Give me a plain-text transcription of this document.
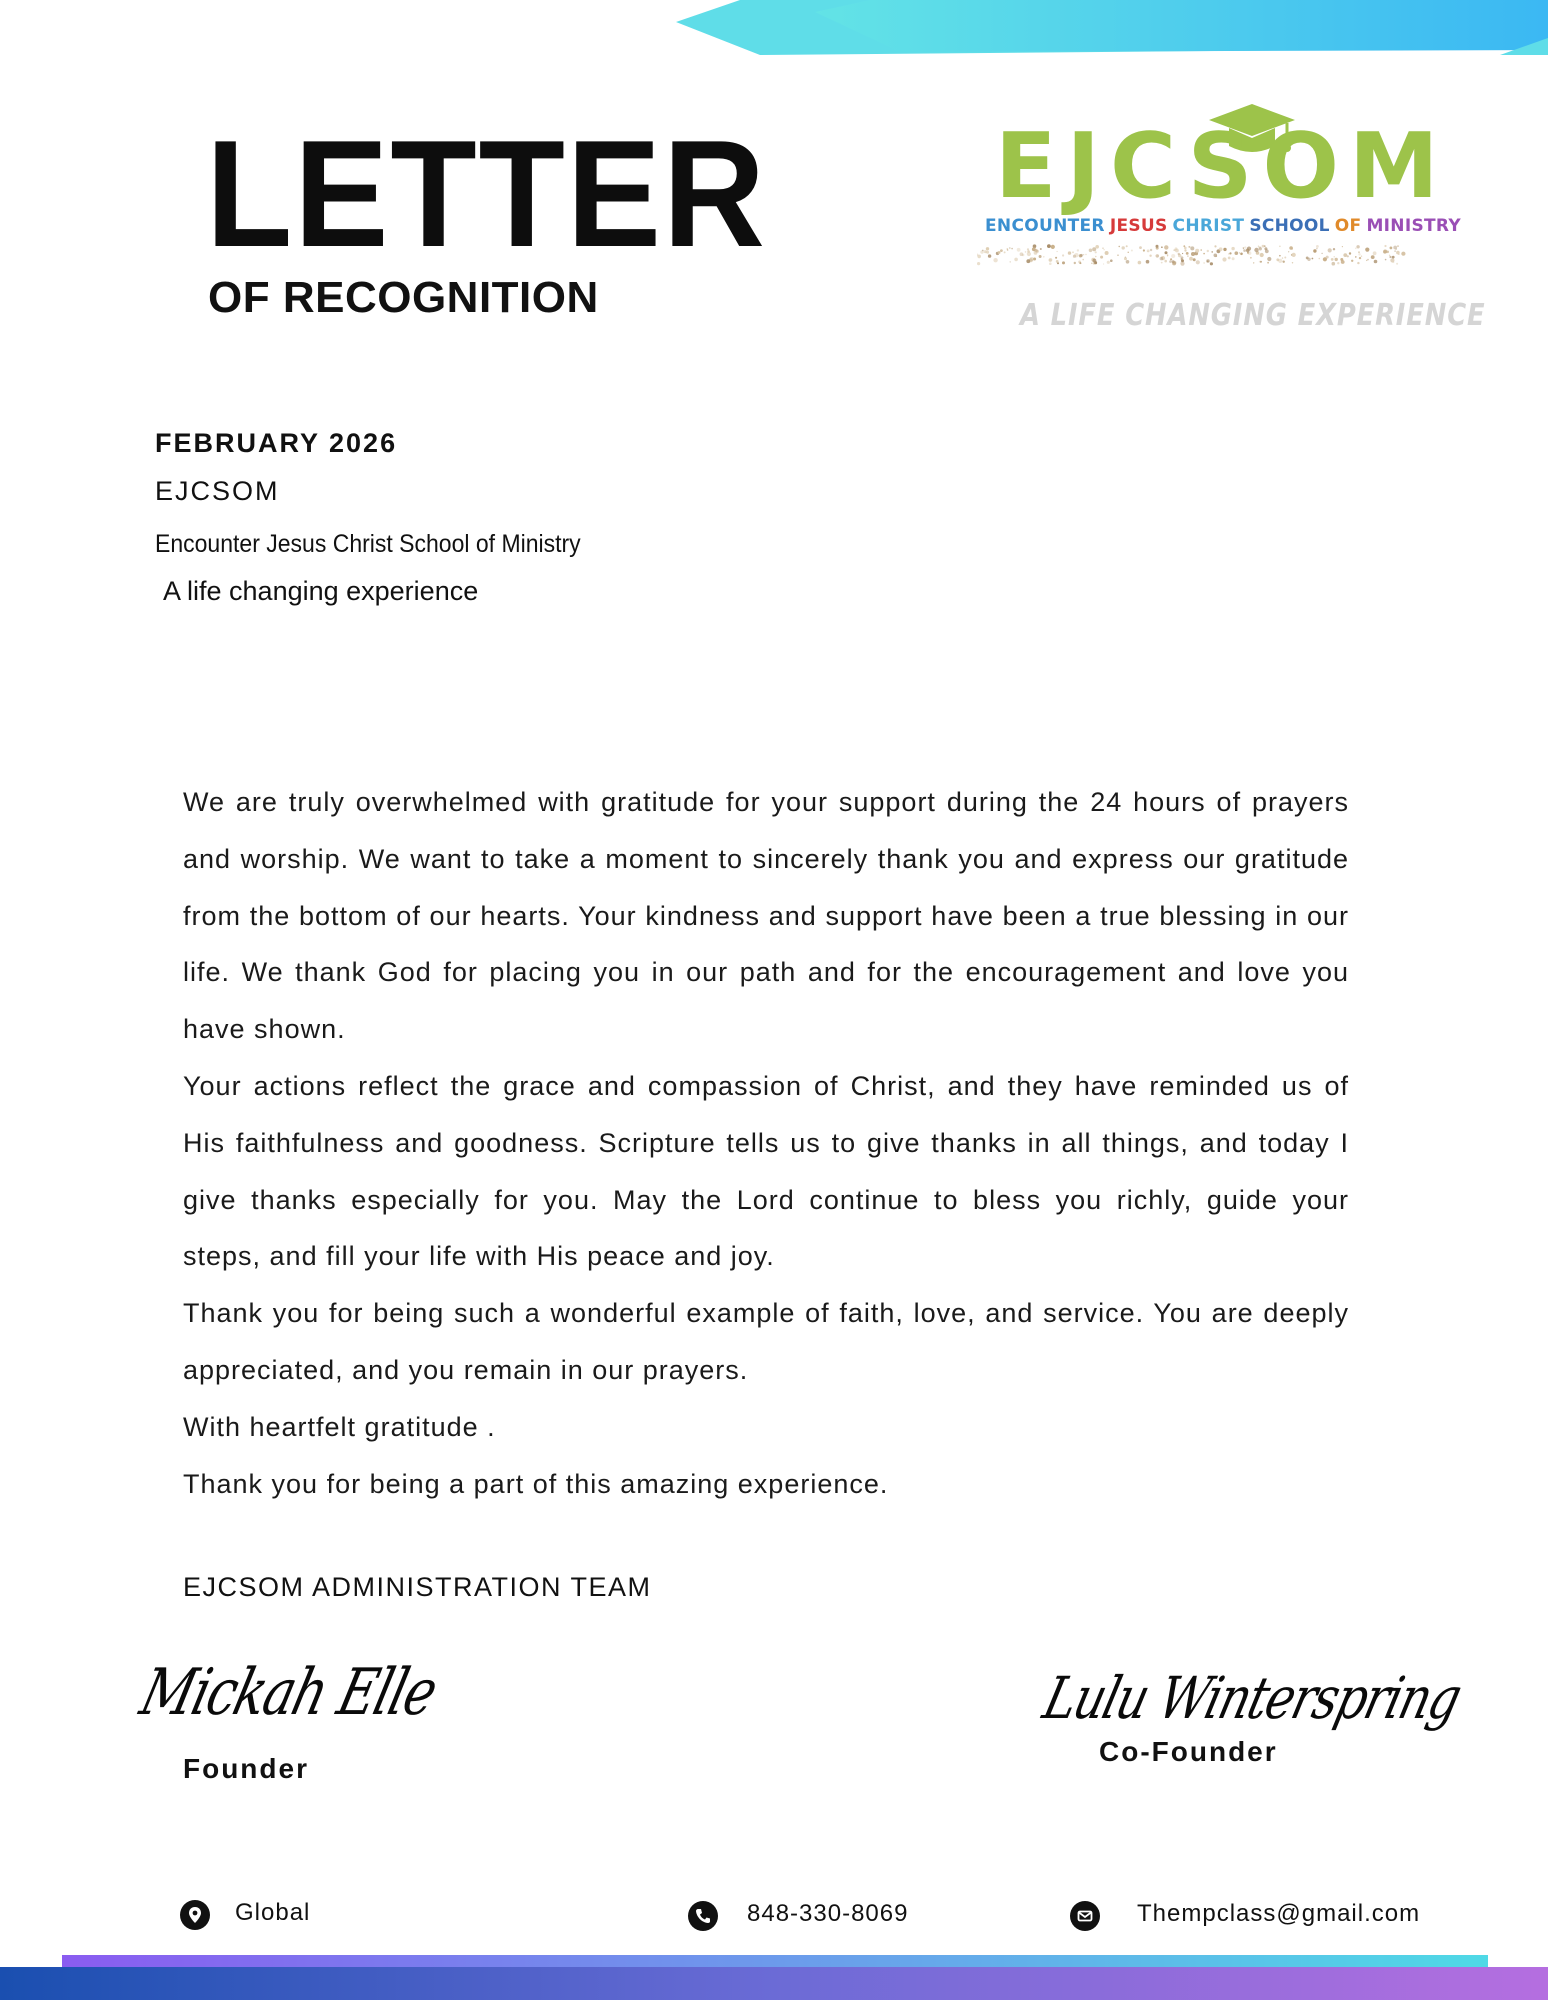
LETTER
OF RECOGNITION
EJCSOM
ENCOUNTER JESUS CHRIST SCHOOL OF MINISTRY
A LIFE CHANGING EXPERIENCE
FEBRUARY 2026
EJCSOM
Encounter Jesus Christ School of Ministry
A life changing experience

We are truly overwhelmed with gratitude for your support during the 24 hours of prayers and worship. We want to take a moment to sincerely thank you and express our gratitude from the bottom of our hearts. Your kindness and support have been a true blessing in our life. We thank God for placing you in our path and for the encouragement and love you have shown.

Your actions reflect the grace and compassion of Christ, and they have reminded us of His faithfulness and goodness. Scripture tells us to give thanks in all things, and today I give thanks especially for you. May the Lord continue to bless you richly, guide your steps, and fill your life with His peace and joy.

Thank you for being such a wonderful example of faith, love, and service. You are deeply appreciated, and you remain in our prayers.

With heartfelt gratitude .

Thank you for being a part of this amazing experience.

EJCSOM ADMINISTRATION TEAM
Mickah Elle
Founder
Lulu Winterspring
Co-Founder
Global	848-330-8069	Thempclass@gmail.com
